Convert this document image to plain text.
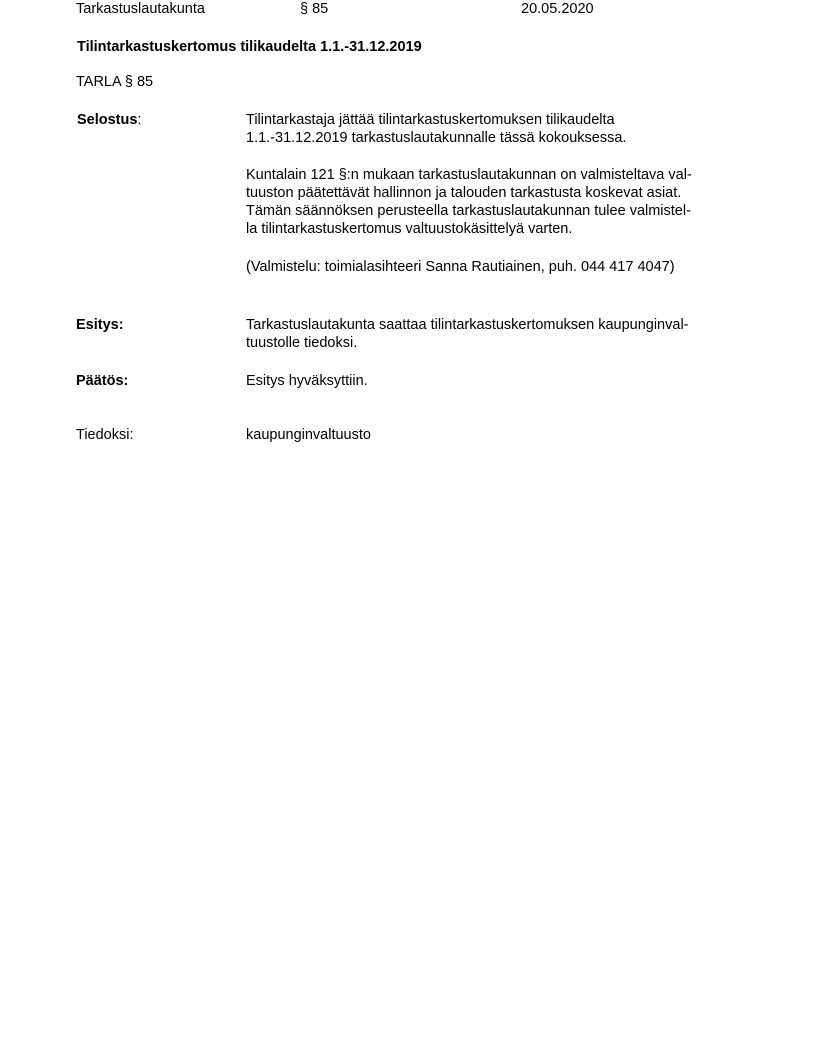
Tarkastuslautakunta	§ 85	20.05.2020
Tilintarkastuskertomus tilikaudelta 1.1.-31.12.2019
TARLA § 85
Selostus:	Tilintarkastaja jättää tilintarkastuskertomuksen tilikaudelta
1.1.-31.12.2019 tarkastuslautakunnalle tässä kokouksessa.
Kuntalain 121 §:n mukaan tarkastuslautakunnan on valmisteltava val-
tuuston päätettävät hallinnon ja talouden tarkastusta koskevat asiat.
Tämän säännöksen perusteella tarkastuslautakunnan tulee valmistel-
la tilintarkastuskertomus valtuustokäsittelyä varten.
(Valmistelu: toimialasihteeri Sanna Rautiainen, puh. 044 417 4047)
Esitys:	Tarkastuslautakunta saattaa tilintarkastuskertomuksen kaupunginval-
tuustolle tiedoksi.
Päätös:	Esitys hyväksyttiin.
Tiedoksi:	kaupunginvaltuusto
